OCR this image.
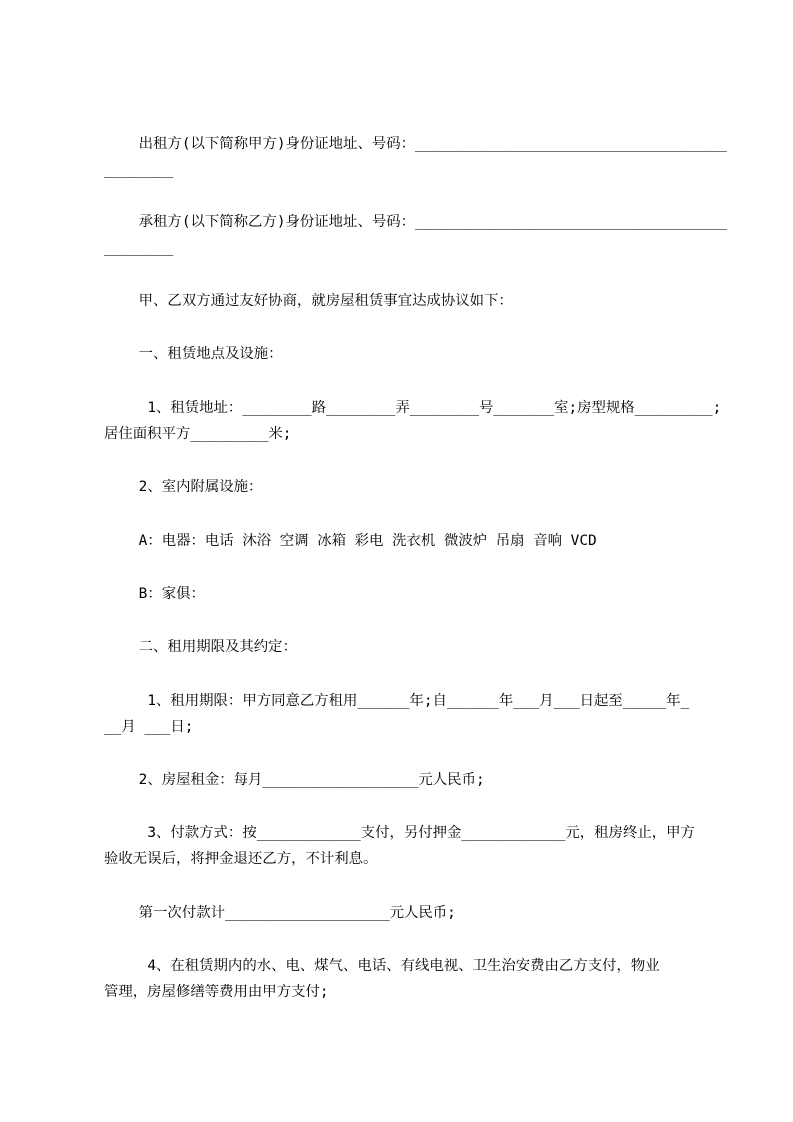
出租方(以下简称甲方)身份证地址、号码：____________________________________
________

承租方(以下简称乙方)身份证地址、号码：____________________________________
________

甲、乙双方通过友好协商，就房屋租赁事宜达成协议如下：

一、租赁地点及设施：

1、租赁地址：________路________弄________号_______室;房型规格_________;
居住面积平方_________米;

2、室内附属设施：

A：电器：电话 沐浴 空调 冰箱 彩电 洗衣机 微波炉 吊扇 音响 VCD

B：家俱：

二、租用期限及其约定：

1、租用期限：甲方同意乙方租用______年;自______年___月___日起至_____年_
__月 ___日;

2、房屋租金：每月__________________元人民币;

3、付款方式：按____________支付，另付押金____________元，租房终止，甲方
验收无误后，将押金退还乙方，不计利息。

第一次付款计___________________元人民币;

4、在租赁期内的水、电、煤气、电话、有线电视、卫生治安费由乙方支付，物业
管理，房屋修缮等费用由甲方支付;
